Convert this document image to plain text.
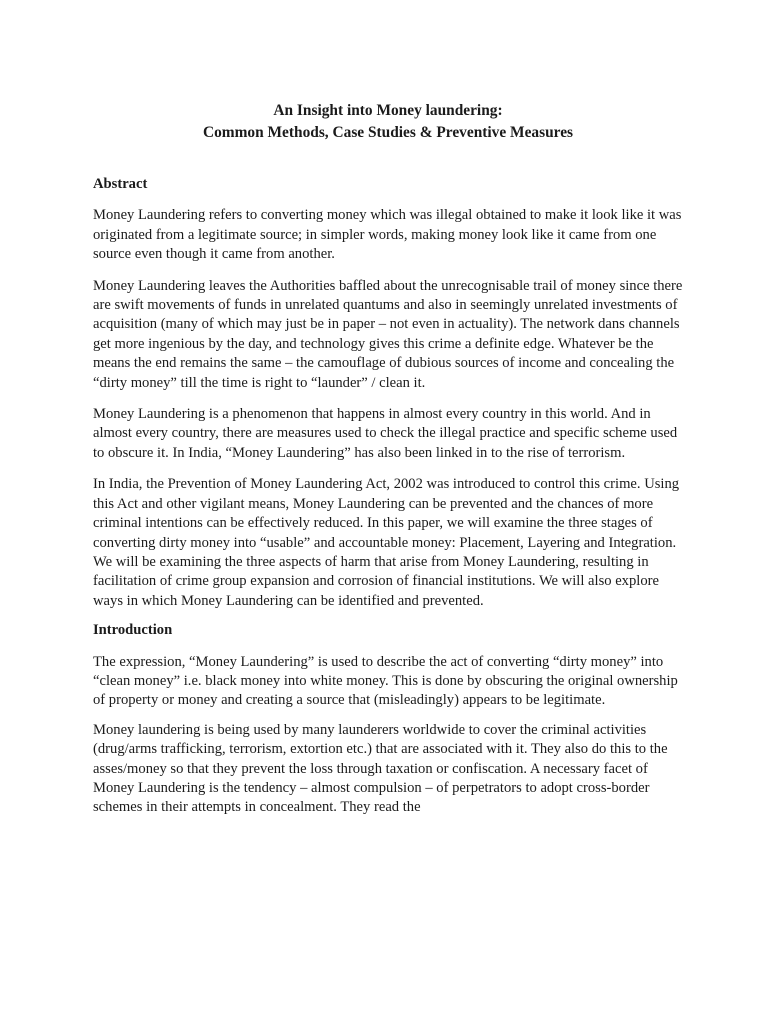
An Insight into Money laundering:
Common Methods, Case Studies & Preventive Measures

Abstract

Money Laundering refers to converting money which was illegal obtained to make it look like it was originated from a legitimate source; in simpler words, making money look like it came from one source even though it came from another.

Money Laundering leaves the Authorities baffled about the unrecognisable trail of money since there are swift movements of funds in unrelated quantums and also in seemingly unrelated investments of acquisition (many of which may just be in paper – not even in actuality). The network dans channels get more ingenious by the day, and technology gives this crime a definite edge. Whatever be the means the end remains the same – the camouflage of dubious sources of income and concealing the “dirty money” till the time is right to “launder” / clean it.

Money Laundering is a phenomenon that happens in almost every country in this world. And in almost every country, there are measures used to check the illegal practice and specific scheme used to obscure it. In India, “Money Laundering” has also been linked in to the rise of terrorism.

In India, the Prevention of Money Laundering Act, 2002 was introduced to control this crime. Using this Act and other vigilant means, Money Laundering can be prevented and the chances of more criminal intentions can be effectively reduced. In this paper, we will examine the three stages of converting dirty money into “usable” and accountable money: Placement, Layering and Integration. We will be examining the three aspects of harm that arise from Money Laundering, resulting in facilitation of crime group expansion and corrosion of financial institutions. We will also explore ways in which Money Laundering can be identified and prevented.

Introduction

The expression, “Money Laundering” is used to describe the act of converting “dirty money” into “clean money” i.e. black money into white money. This is done by obscuring the original ownership of property or money and creating a source that (misleadingly) appears to be legitimate.

Money laundering is being used by many launderers worldwide to cover the criminal activities (drug/arms trafficking, terrorism, extortion etc.) that are associated with it. They also do this to the asses/money so that they prevent the loss through taxation or confiscation. A necessary facet of Money Laundering is the tendency – almost compulsion – of perpetrators to adopt cross-border schemes in their attempts in concealment. They read the
